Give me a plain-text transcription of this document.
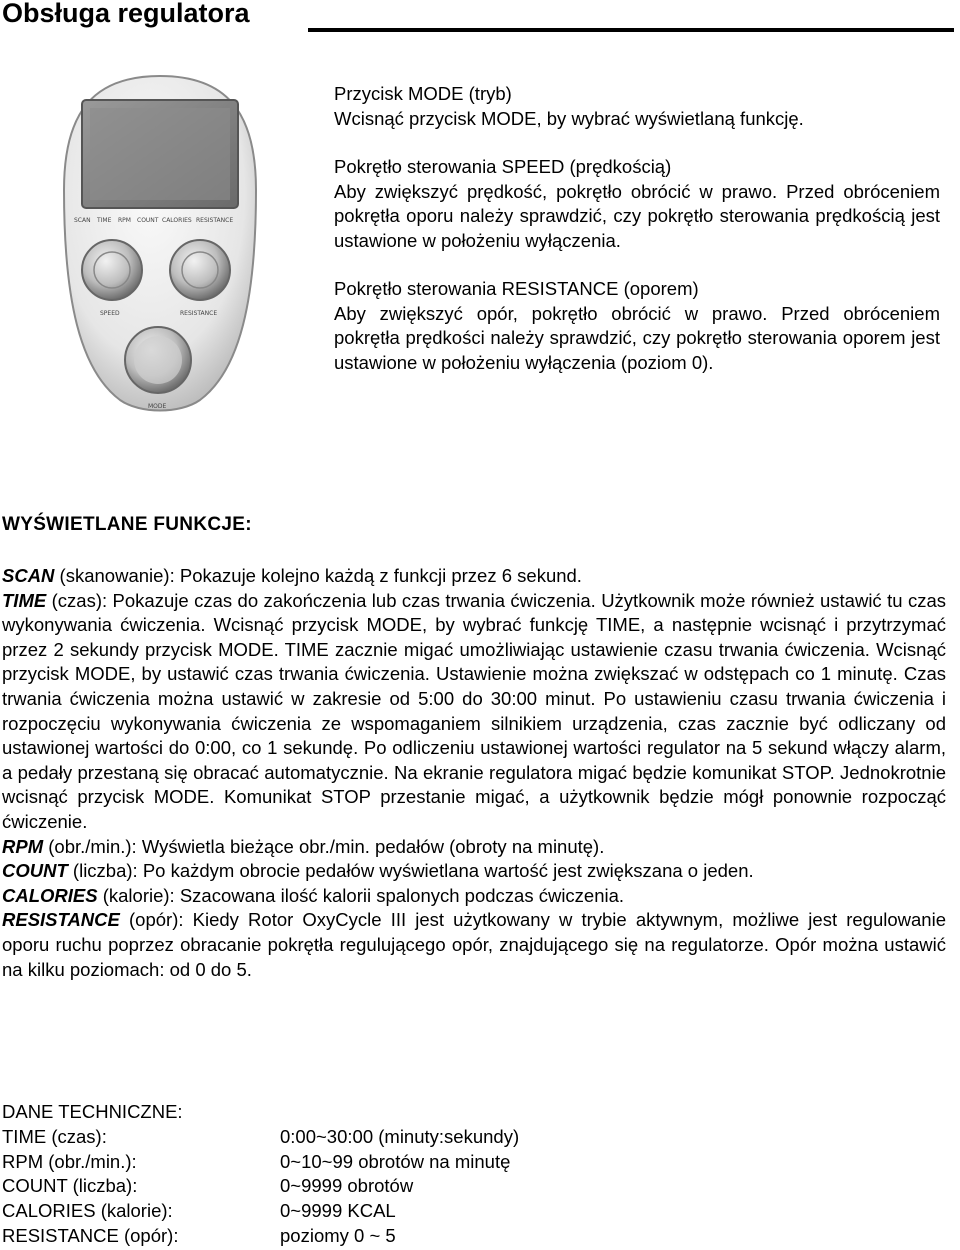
Obsługa regulatora
SCAN TIME RPM COUNT CALORIES RESISTANCE
SPEED	RESISTANCE
MODE

Przycisk MODE (tryb)
Wcisnąć przycisk MODE, by wybrać wyświetlaną funkcję.

Pokrętło sterowania SPEED (prędkością)
Aby zwiększyć prędkość, pokrętło obrócić w prawo. Przed obróceniem pokrętła oporu należy sprawdzić, czy pokrętło sterowania prędkością jest ustawione w położeniu wyłączenia.

Pokrętło sterowania RESISTANCE (oporem)
Aby zwiększyć opór, pokrętło obrócić w prawo. Przed obróceniem pokrętła prędkości należy sprawdzić, czy pokrętło sterowania oporem jest ustawione w położeniu wyłączenia (poziom 0).

WYŚWIETLANE FUNKCJE:

SCAN (skanowanie): Pokazuje kolejno każdą z funkcji przez 6 sekund.

TIME (czas): Pokazuje czas do zakończenia lub czas trwania ćwiczenia. Użytkownik może również ustawić tu czas wykonywania ćwiczenia. Wcisnąć przycisk MODE, by wybrać funkcję TIME, a następnie wcisnąć i przytrzymać przez 2 sekundy przycisk MODE. TIME zacznie migać umożliwiając ustawienie czasu trwania ćwiczenia. Wcisnąć przycisk MODE, by ustawić czas trwania ćwiczenia. Ustawienie można zwiększać w odstępach co 1 minutę. Czas trwania ćwiczenia można ustawić w zakresie od 5:00 do 30:00 minut. Po ustawieniu czasu trwania ćwiczenia i rozpoczęciu wykonywania ćwiczenia ze wspomaganiem silnikiem urządzenia, czas zacznie być odliczany od ustawionej wartości do 0:00, co 1 sekundę. Po odliczeniu ustawionej wartości regulator na 5 sekund włączy alarm, a pedały przestaną się obracać automatycznie. Na ekranie regulatora migać będzie komunikat STOP. Jednokrotnie wcisnąć przycisk MODE. Komunikat STOP przestanie migać, a użytkownik będzie mógł ponownie rozpocząć ćwiczenie.

RPM (obr./min.): Wyświetla bieżące obr./min. pedałów (obroty na minutę).

COUNT (liczba): Po każdym obrocie pedałów wyświetlana wartość jest zwiększana o jeden.

CALORIES (kalorie): Szacowana ilość kalorii spalonych podczas ćwiczenia.

RESISTANCE (opór): Kiedy Rotor OxyCycle III jest użytkowany w trybie aktywnym, możliwe jest regulowanie oporu ruchu poprzez obracanie pokrętła regulującego opór, znajdującego się na regulatorze. Opór można ustawić na kilku poziomach: od 0 do 5.

DANE TECHNICZNE:

TIME (czas):	0:00~30:00 (minuty:sekundy)
RPM (obr./min.):	0~10~99 obrotów na minutę
COUNT (liczba):	0~9999 obrotów
CALORIES (kalorie):	0~9999 KCAL
RESISTANCE (opór):	poziomy 0 ~ 5
